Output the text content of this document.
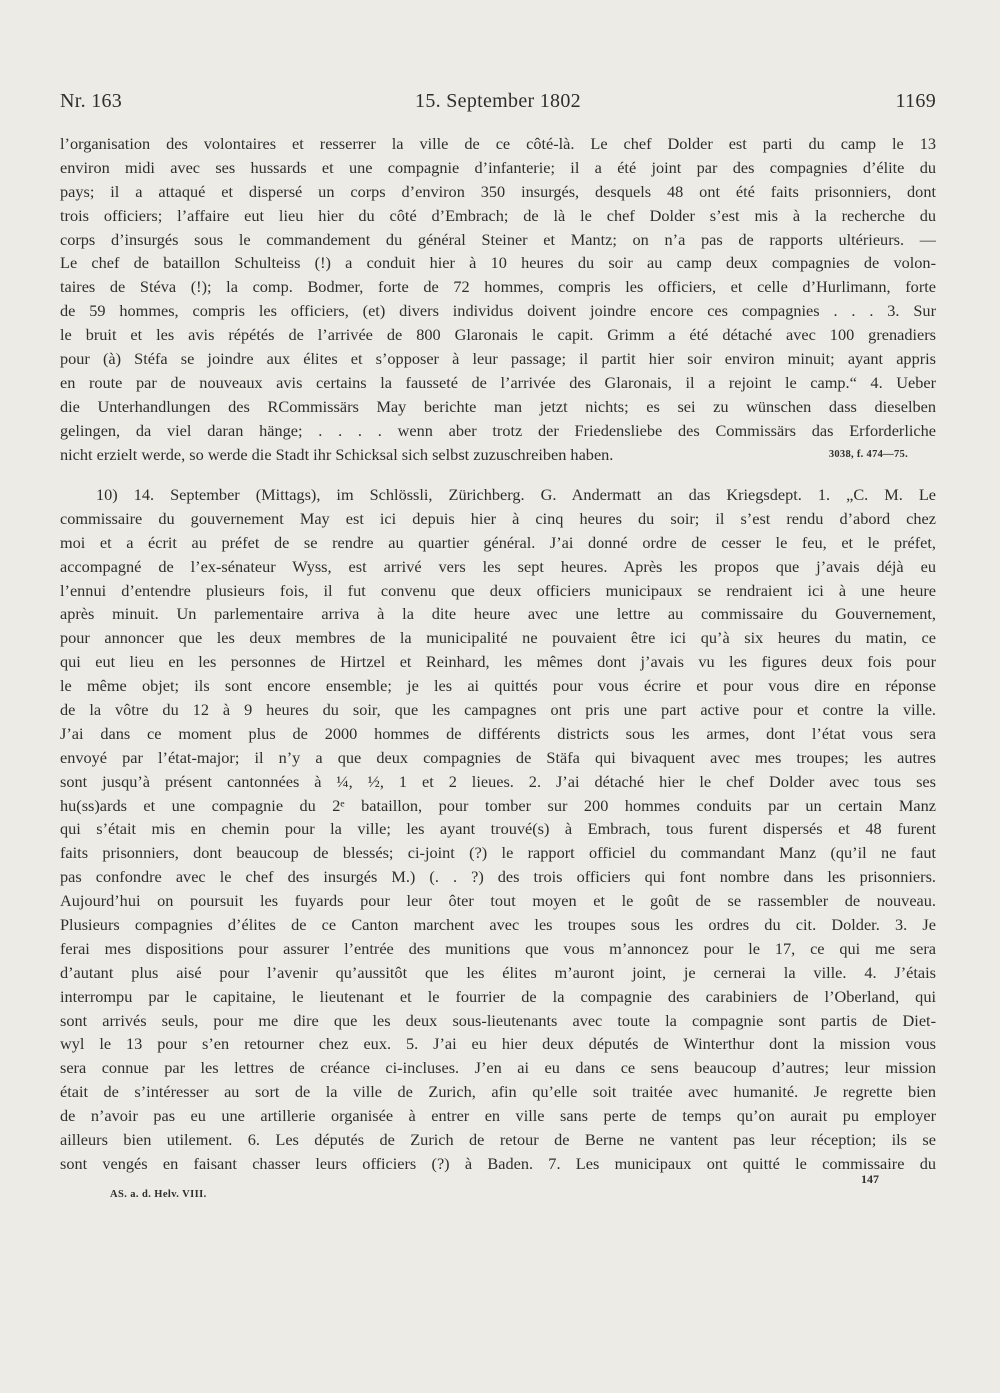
Nr. 163	15. September 1802	1169
l’organisation des volontaires et resserrer la ville de ce côté-là. Le chef Dolder est parti du camp le 13
environ midi avec ses hussards et une compagnie d’infanterie; il a été joint par des compagnies d’élite du
pays; il a attaqué et dispersé un corps d’environ 350 insurgés, desquels 48 ont été faits prisonniers, dont
trois officiers; l’affaire eut lieu hier du côté d’Embrach; de là le chef Dolder s’est mis à la recherche du
corps d’insurgés sous le commandement du général Steiner et Mantz; on n’a pas de rapports ultérieurs. —
Le chef de bataillon Schulteiss (!) a conduit hier à 10 heures du soir au camp deux compagnies de volon-
taires de Stéva (!); la comp. Bodmer, forte de 72 hommes, compris les officiers, et celle d’Hurlimann, forte
de 59 hommes, compris les officiers, (et) divers individus doivent joindre encore ces compagnies . . . 3. Sur
le bruit et les avis répétés de l’arrivée de 800 Glaronais le capit. Grimm a été détaché avec 100 grenadiers
pour (à) Stéfa se joindre aux élites et s’opposer à leur passage; il partit hier soir environ minuit; ayant appris
en route par de nouveaux avis certains la fausseté de l’arrivée des Glaronais, il a rejoint le camp.“ 4. Ueber
die Unterhandlungen des RCommissärs May berichte man jetzt nichts; es sei zu wünschen dass dieselben
gelingen, da viel daran hänge; . . . . wenn aber trotz der Friedensliebe des Commissärs das Erforderliche
nicht erzielt werde, so werde die Stadt ihr Schicksal sich selbst zuzuschreiben haben.	3038, f. 474—75.
10) 14. September (Mittags), im Schlössli, Zürichberg. G. Andermatt an das Kriegsdept. 1. „C. M. Le
commissaire du gouvernement May est ici depuis hier à cinq heures du soir; il s’est rendu d’abord chez
moi et a écrit au préfet de se rendre au quartier général. J’ai donné ordre de cesser le feu, et le préfet,
accompagné de l’ex-sénateur Wyss, est arrivé vers les sept heures. Après les propos que j’avais déjà eu
l’ennui d’entendre plusieurs fois, il fut convenu que deux officiers municipaux se rendraient ici à une heure
après minuit. Un parlementaire arriva à la dite heure avec une lettre au commissaire du Gouvernement,
pour annoncer que les deux membres de la municipalité ne pouvaient être ici qu’à six heures du matin, ce
qui eut lieu en les personnes de Hirtzel et Reinhard, les mêmes dont j’avais vu les figures deux fois pour
le même objet; ils sont encore ensemble; je les ai quittés pour vous écrire et pour vous dire en réponse
de la vôtre du 12 à 9 heures du soir, que les campagnes ont pris une part active pour et contre la ville.
J’ai dans ce moment plus de 2000 hommes de différents districts sous les armes, dont l’état vous sera
envoyé par l’état-major; il n’y a que deux compagnies de Stäfa qui bivaquent avec mes troupes; les autres
sont jusqu’à présent cantonnées à ¼, ½, 1 et 2 lieues. 2. J’ai détaché hier le chef Dolder avec tous ses
hu(ss)ards et une compagnie du 2ᵉ bataillon, pour tomber sur 200 hommes conduits par un certain Manz
qui s’était mis en chemin pour la ville; les ayant trouvé(s) à Embrach, tous furent dispersés et 48 furent
faits prisonniers, dont beaucoup de blessés; ci-joint (?) le rapport officiel du commandant Manz (qu’il ne faut
pas confondre avec le chef des insurgés M.) (. . ?) des trois officiers qui font nombre dans les prisonniers.
Aujourd’hui on poursuit les fuyards pour leur ôter tout moyen et le goût de se rassembler de nouveau.
Plusieurs compagnies d’élites de ce Canton marchent avec les troupes sous les ordres du cit. Dolder. 3. Je
ferai mes dispositions pour assurer l’entrée des munitions que vous m’annoncez pour le 17, ce qui me sera
d’autant plus aisé pour l’avenir qu’aussitôt que les élites m’auront joint, je cernerai la ville. 4. J’étais
interrompu par le capitaine, le lieutenant et le fourrier de la compagnie des carabiniers de l’Oberland, qui
sont arrivés seuls, pour me dire que les deux sous-lieutenants avec toute la compagnie sont partis de Diet-
wyl le 13 pour s’en retourner chez eux. 5. J’ai eu hier deux députés de Winterthur dont la mission vous
sera connue par les lettres de créance ci-incluses. J’en ai eu dans ce sens beaucoup d’autres; leur mission
était de s’intéresser au sort de la ville de Zurich, afin qu’elle soit traitée avec humanité. Je regrette bien
de n’avoir pas eu une artillerie organisée à entrer en ville sans perte de temps qu’on aurait pu employer
ailleurs bien utilement. 6. Les députés de Zurich de retour de Berne ne vantent pas leur réception; ils se
sont vengés en faisant chasser leurs officiers (?) à Baden. 7. Les municipaux ont quitté le commissaire du
147
AS. a. d. Helv. VIII.
